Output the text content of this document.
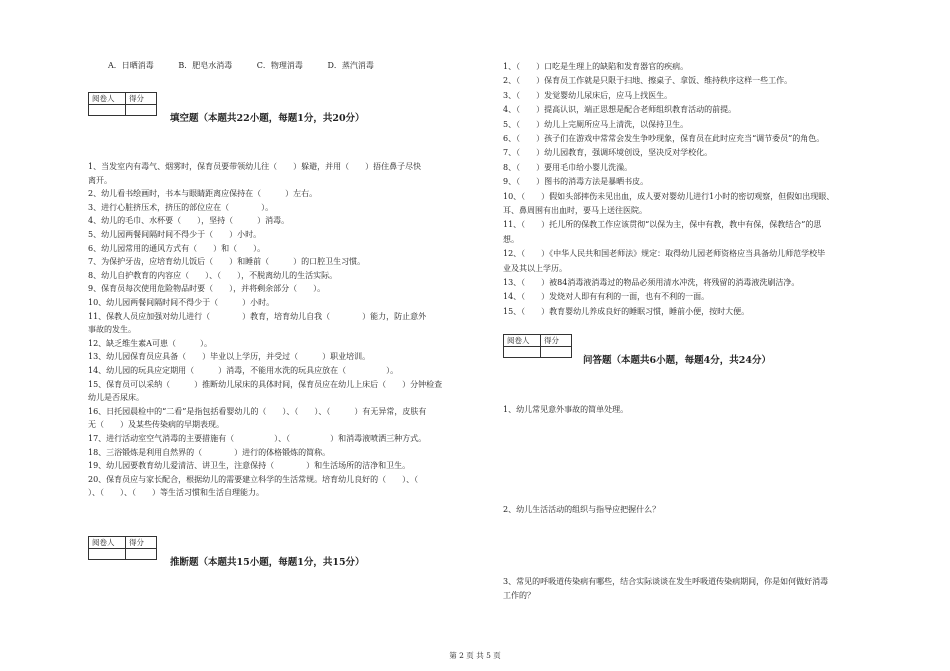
A．日晒消毒	B．肥皂水消毒	C．物理消毒	D．蒸汽消毒
阅卷人	得分

填空题（本题共22小题，每题1分，共20分）
1、当发室内有毒气、烟雾时，保育员要带领幼儿往（　　）躲避，并用（　　）捂住鼻子尽快
离开。
2、幼儿看书绘画时，书本与眼睛距离应保持在（　　　）左右。
3、进行心脏挤压术，挤压的部位应在（　　　　）。
4、幼儿的毛巾、水杯要（　　），坚持（　　　）消毒。
5、幼儿园两餐间隔时间不得少于（　　）小时。
6、幼儿园常用的通风方式有（　　）和（　　）。
7、为保护牙齿，应培育幼儿饭后（　　）和睡前（　　　）的口腔卫生习惯。
8、幼儿自护教育的内容应（　　）、（　　），不脱离幼儿的生活实际。
9、保育员每次使用危险物品时要（　　），并将剩余部分（　　）。
10、幼儿园两餐间隔时间不得少于（　　　）小时。
11、保教人员应加强对幼儿进行（　　　　）教育，培育幼儿自我（　　　　）能力，防止意外
事故的发生。
12、缺乏维生素A可患（　　　）。
13、幼儿园保育员应具备（　　）毕业以上学历，并受过（　　　）职业培训。
14、幼儿园的玩具应定期用（　　　）消毒，不能用水洗的玩具应放在（　　　　　）。
15、保育员可以采纳（　　　）推断幼儿尿床的具体时间，保育员应在幼儿上床后（　　）分钟检查
幼儿是否尿床。
16、日托园晨检中的“二看”是指包括看婴幼儿的（　　）、（　　）、（　　　）有无异常，皮肤有
无（　　）及某些传染病的早期表现。
17、进行活动室空气消毒的主要措施有（　　　　　）、（　　　　　）和消毒液喷洒三种方式。
18、三浴锻炼是利用自然界的（　　　　）进行的体格锻炼的简称。
19、幼儿园要教育幼儿爱清洁、讲卫生，注意保持（　　　　）和生活场所的洁净和卫生。
20、保育员应与家长配合，根据幼儿的需要建立科学的生活常规。培育幼儿良好的（　　）、（　　
）、（　　）、（　　）等生活习惯和生活自理能力。
阅卷人	得分

推断题（本题共15小题，每题1分，共15分）
1、（　　）口吃是生理上的缺陷和发育器官的疾病。
2、（　　）保育员工作就是只限于扫地、擦桌子、拿饭、维持秩序这样一些工作。
3、（　　）发觉婴幼儿尿床后，应马上找医生。
4、（　　）提高认识，端正思想是配合老师组织教育活动的前提。
5、（　　）幼儿上完厕所应马上清洗，以保持卫生。
6、（　　）孩子们在游戏中常常会发生争吵现象，保育员在此时应充当“调节委员”的角色。
7、（　　）幼儿园教育，强调环境创设，坚决反对学校化。
8、（　　）要用毛巾给小婴儿洗澡。
9、（　　）图书的消毒方法是暴晒书皮。
10、（　　）假如头部摔伤未见出血，成人要对婴幼儿进行1小时的密切观察，但假如出现眼、
耳、鼻周围有出血时，要马上送往医院。
11、（　　）托儿所的保教工作应该贯彻“以保为主，保中有教，教中有保，保教结合”的思
想。
12、（　　）《中华人民共和国老师法》规定：取得幼儿园老师资格应当具备幼儿师范学校毕
业及其以上学历。
13、（　　）被84消毒液消毒过的物品必须用清水冲洗，将残留的消毒液洗刷洁净。
14、（　　）发烧对人即有有利的一面，也有不利的一面。
15、（　　）教育婴幼儿养成良好的睡眠习惯，睡前小便，按时大便。
阅卷人	得分

问答题（本题共6小题，每题4分，共24分）
1、幼儿常见意外事故的简单处理。
2、幼儿生活活动的组织与指导应把握什么？
3、常见的呼吸道传染病有哪些，结合实际谈谈在发生呼吸道传染病期间，你是如何做好消毒
工作的？
第 2 页 共 5 页
